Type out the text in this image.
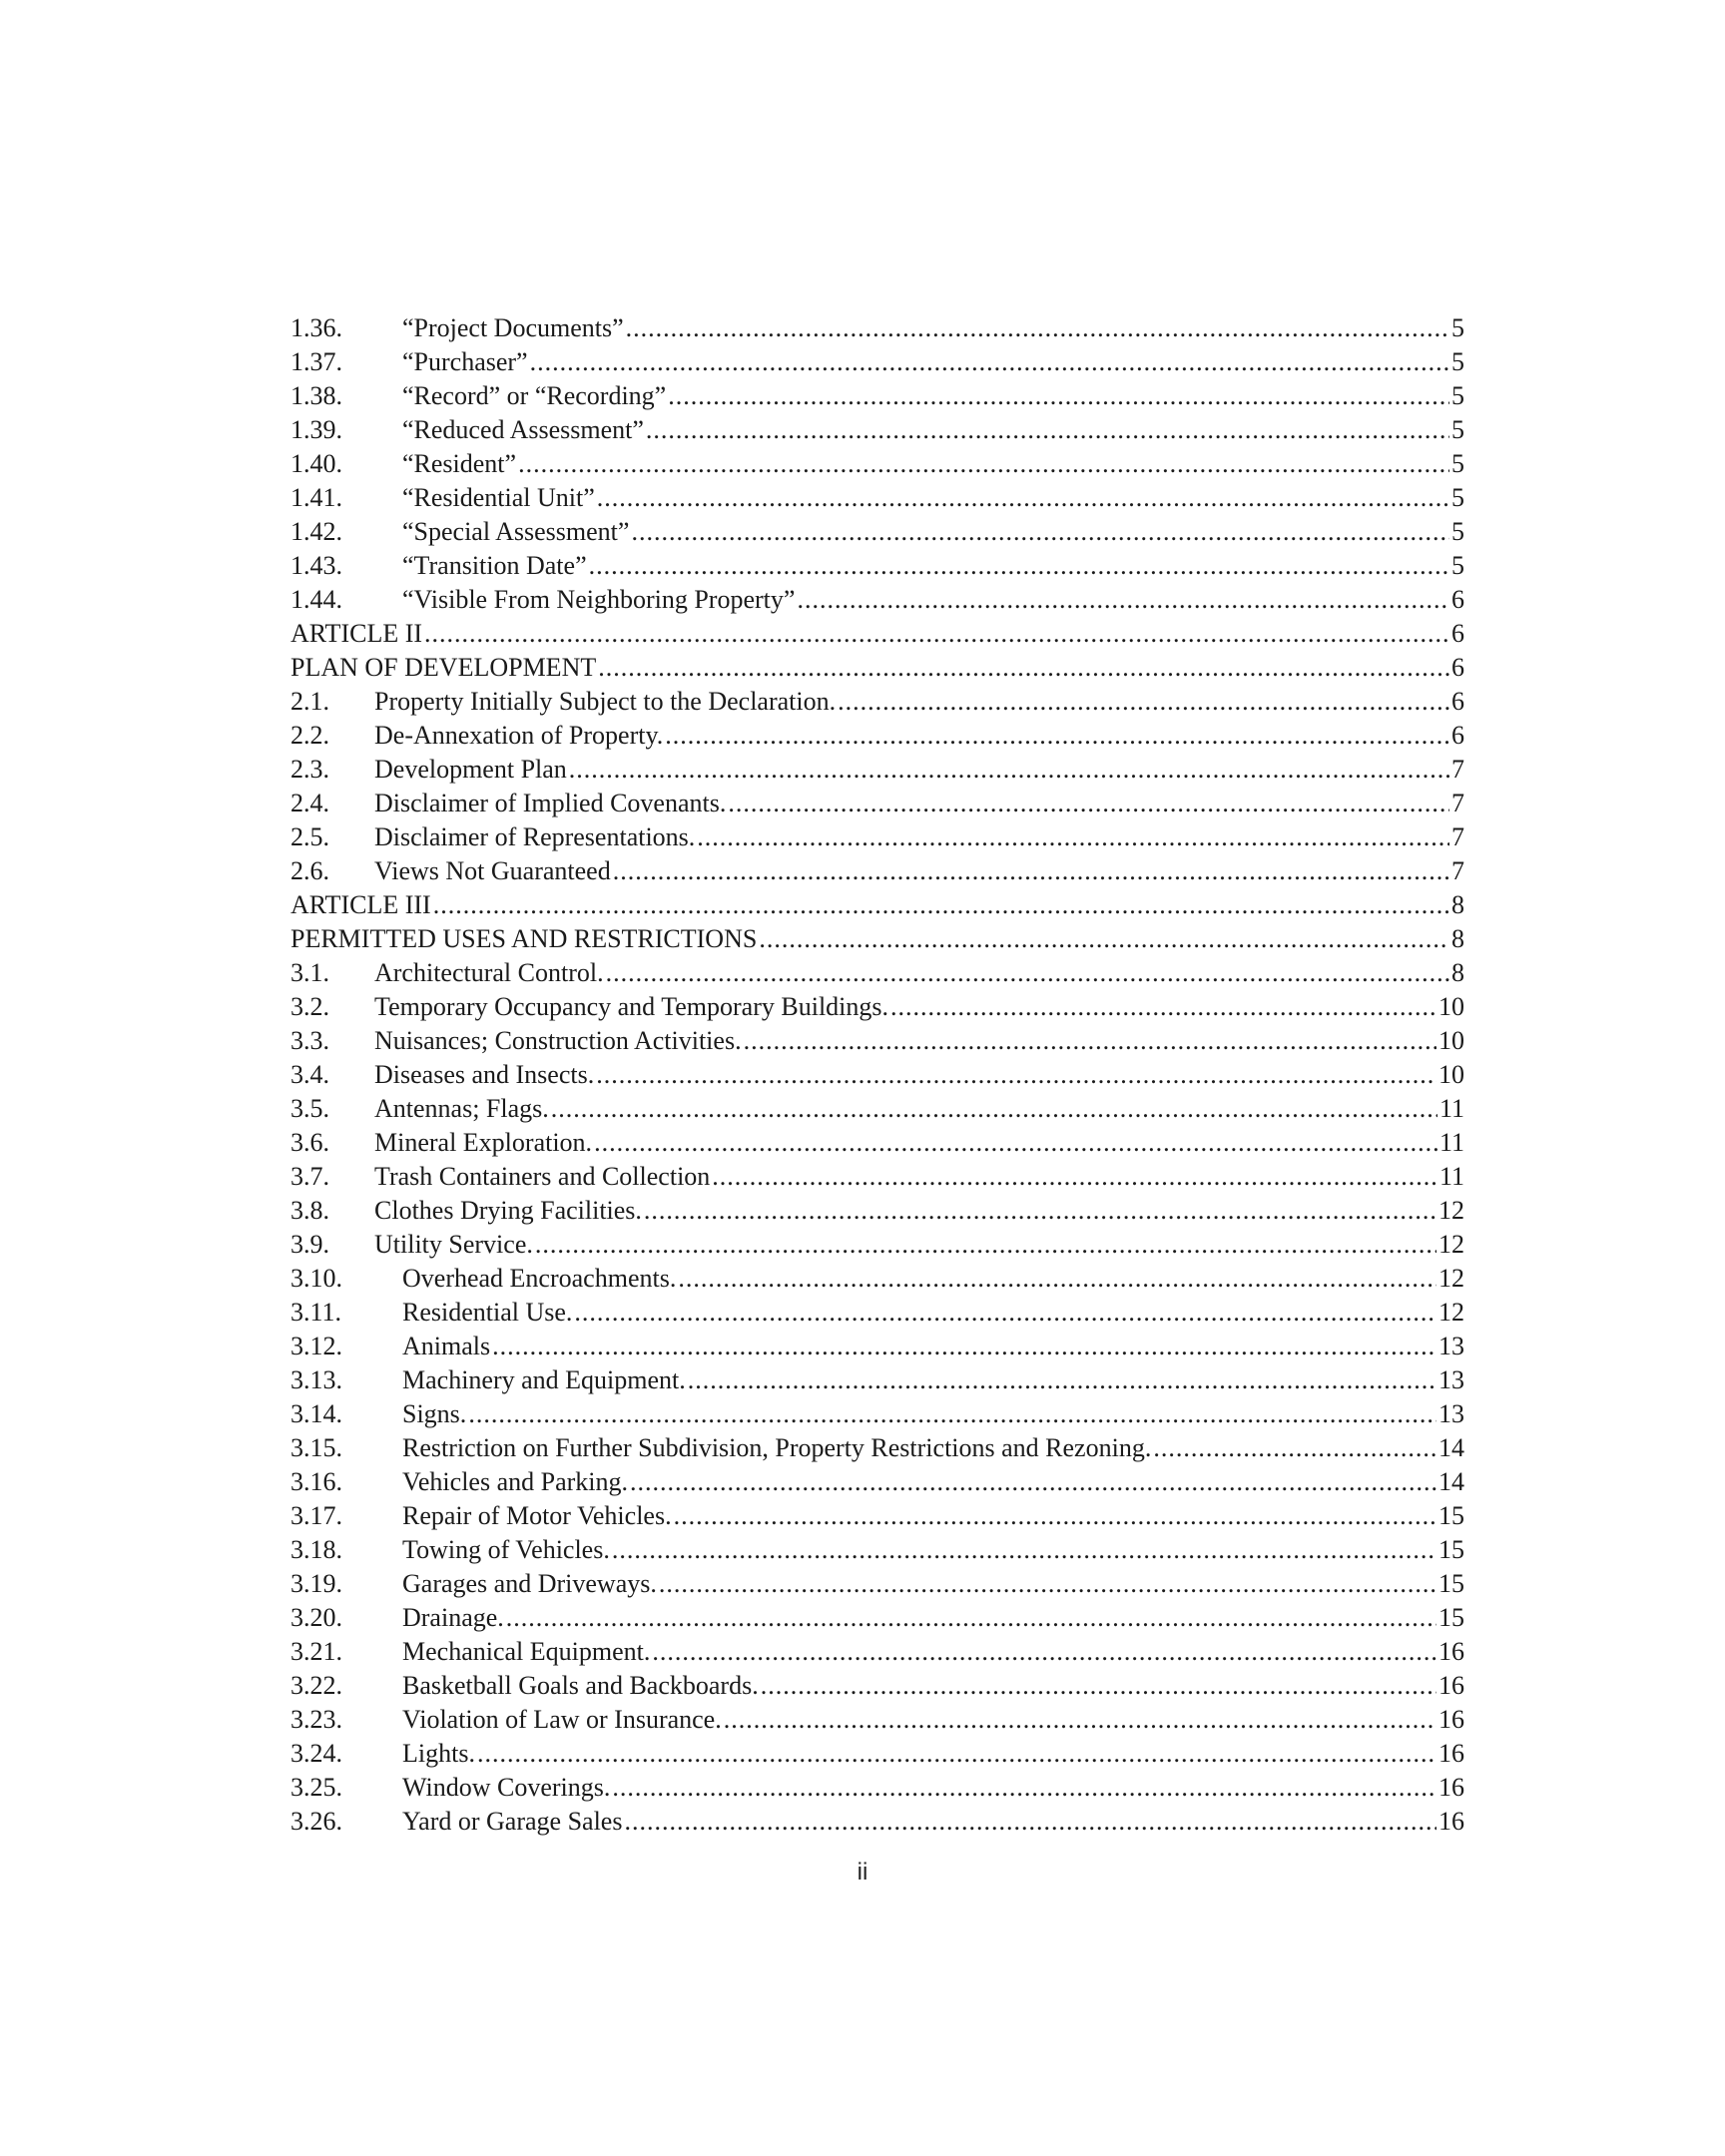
1.36.	“Project Documents” .....	5
1.37.	“Purchaser” .....	5
1.38.	“Record” or “Recording” .....	5
1.39.	“Reduced Assessment” .....	5
1.40.	“Resident” .....	5
1.41.	“Residential Unit” .....	5
1.42.	“Special Assessment” .....	5
1.43.	“Transition Date” .....	5
1.44.	“Visible From Neighboring Property” .....	6
ARTICLE II .....	6
PLAN OF DEVELOPMENT .....	6
2.1.	Property Initially Subject to the Declaration. .....	6
2.2.	De-Annexation of Property. .....	6
2.3.	Development Plan .....	7
2.4.	Disclaimer of Implied Covenants. .....	7
2.5.	Disclaimer of Representations. .....	7
2.6.	Views Not Guaranteed .....	7
ARTICLE III .....	8
PERMITTED USES AND RESTRICTIONS .....	8
3.1.	Architectural Control. .....	8
3.2.	Temporary Occupancy and Temporary Buildings. .....	10
3.3.	Nuisances; Construction Activities. .....	10
3.4.	Diseases and Insects. .....	10
3.5.	Antennas; Flags. .....	11
3.6.	Mineral Exploration. .....	11
3.7.	Trash Containers and Collection .....	11
3.8.	Clothes Drying Facilities. .....	12
3.9.	Utility Service. .....	12
3.10.	Overhead Encroachments. .....	12
3.11.	Residential Use. .....	12
3.12.	Animals .....	13
3.13.	Machinery and Equipment. .....	13
3.14.	Signs. .....	13
3.15.	Restriction on Further Subdivision, Property Restrictions and Rezoning. .....	14
3.16.	Vehicles and Parking. .....	14
3.17.	Repair of Motor Vehicles. .....	15
3.18.	Towing of Vehicles. .....	15
3.19.	Garages and Driveways. .....	15
3.20.	Drainage. .....	15
3.21.	Mechanical Equipment. .....	16
3.22.	Basketball Goals and Backboards. .....	16
3.23.	Violation of Law or Insurance. .....	16
3.24.	Lights. .....	16
3.25.	Window Coverings. .....	16
3.26.	Yard or Garage Sales .....	16
ii
